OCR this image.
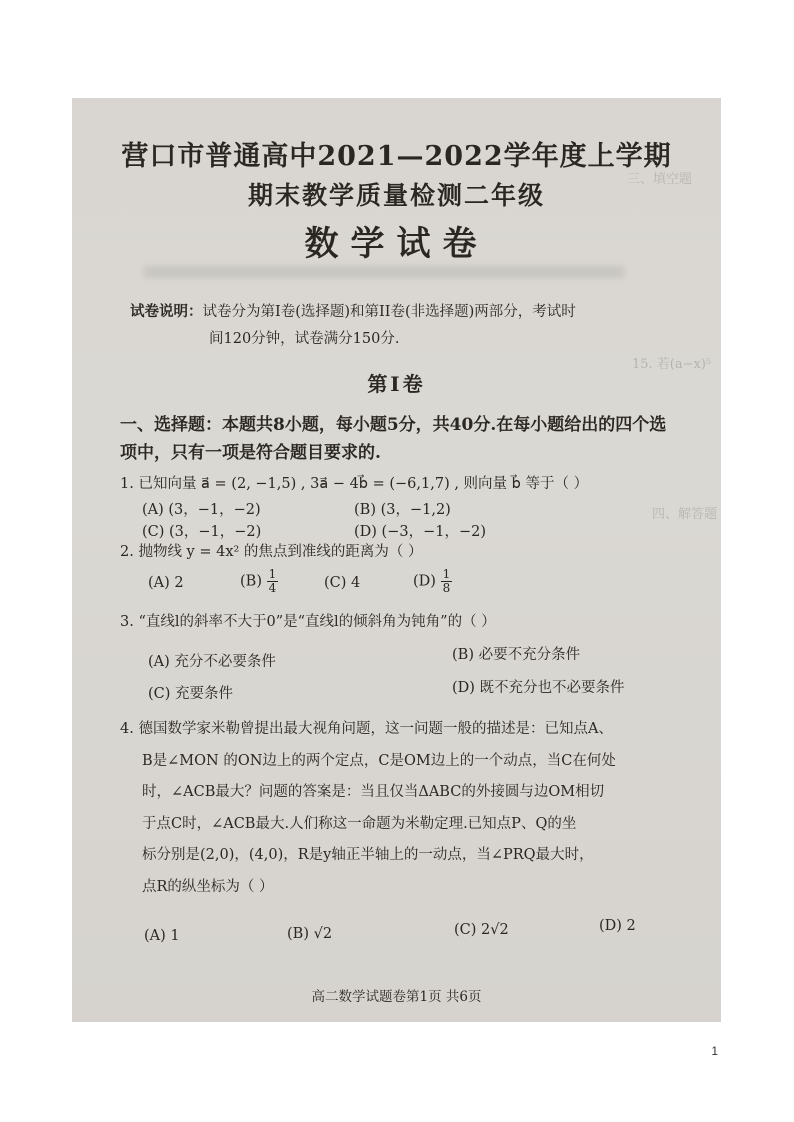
三、填空题
15. 若(a−x)⁵
四、解答题
营口市普通高中2021—2022学年度上学期
期末教学质量检测二年级
数学试卷
试卷说明：试卷分为第I卷(选择题)和第II卷(非选择题)两部分，考试时
间120分钟，试卷满分150分.
第I卷
一、选择题：本题共8小题，每小题5分，共40分.在每小题给出的四个选项中，只有一项是符合题目要求的.
1. 已知向量 a⃗ = (2, −1,5) , 3a⃗ − 4b⃗ = (−6,1,7) , 则向量 b⃗ 等于（ ）
(A) (3，−1，−2)	(B) (3，−1,2)
(C) (3，−1，−2)	(D) (−3，−1，−2)
2. 抛物线 y = 4x² 的焦点到准线的距离为（ ）
(A) 2	$(B) \frac{1}{4}$	(C) 4	$(D) \frac{1}{8}$
3. “直线l的斜率不大于0”是“直线l的倾斜角为钝角”的（ ）
(A) 充分不必要条件	(B) 必要不充分条件
(C) 充要条件	(D) 既不充分也不必要条件
4. 德国数学家米勒曾提出最大视角问题，这一问题一般的描述是：已知点A、
B是∠MON 的ON边上的两个定点，C是OM边上的一个动点，当C在何处
时，∠ACB最大？问题的答案是：当且仅当ΔABC的外接圆与边OM相切
于点C时，∠ACB最大.人们称这一命题为米勒定理.已知点P、Q的坐
标分别是(2,0)，(4,0)，R是y轴正半轴上的一动点，当∠PRQ最大时，
点R的纵坐标为（ ）
(A) 1	(B) √2	(C) 2√2	(D) 2
高二数学试题卷第1页 共6页
1
